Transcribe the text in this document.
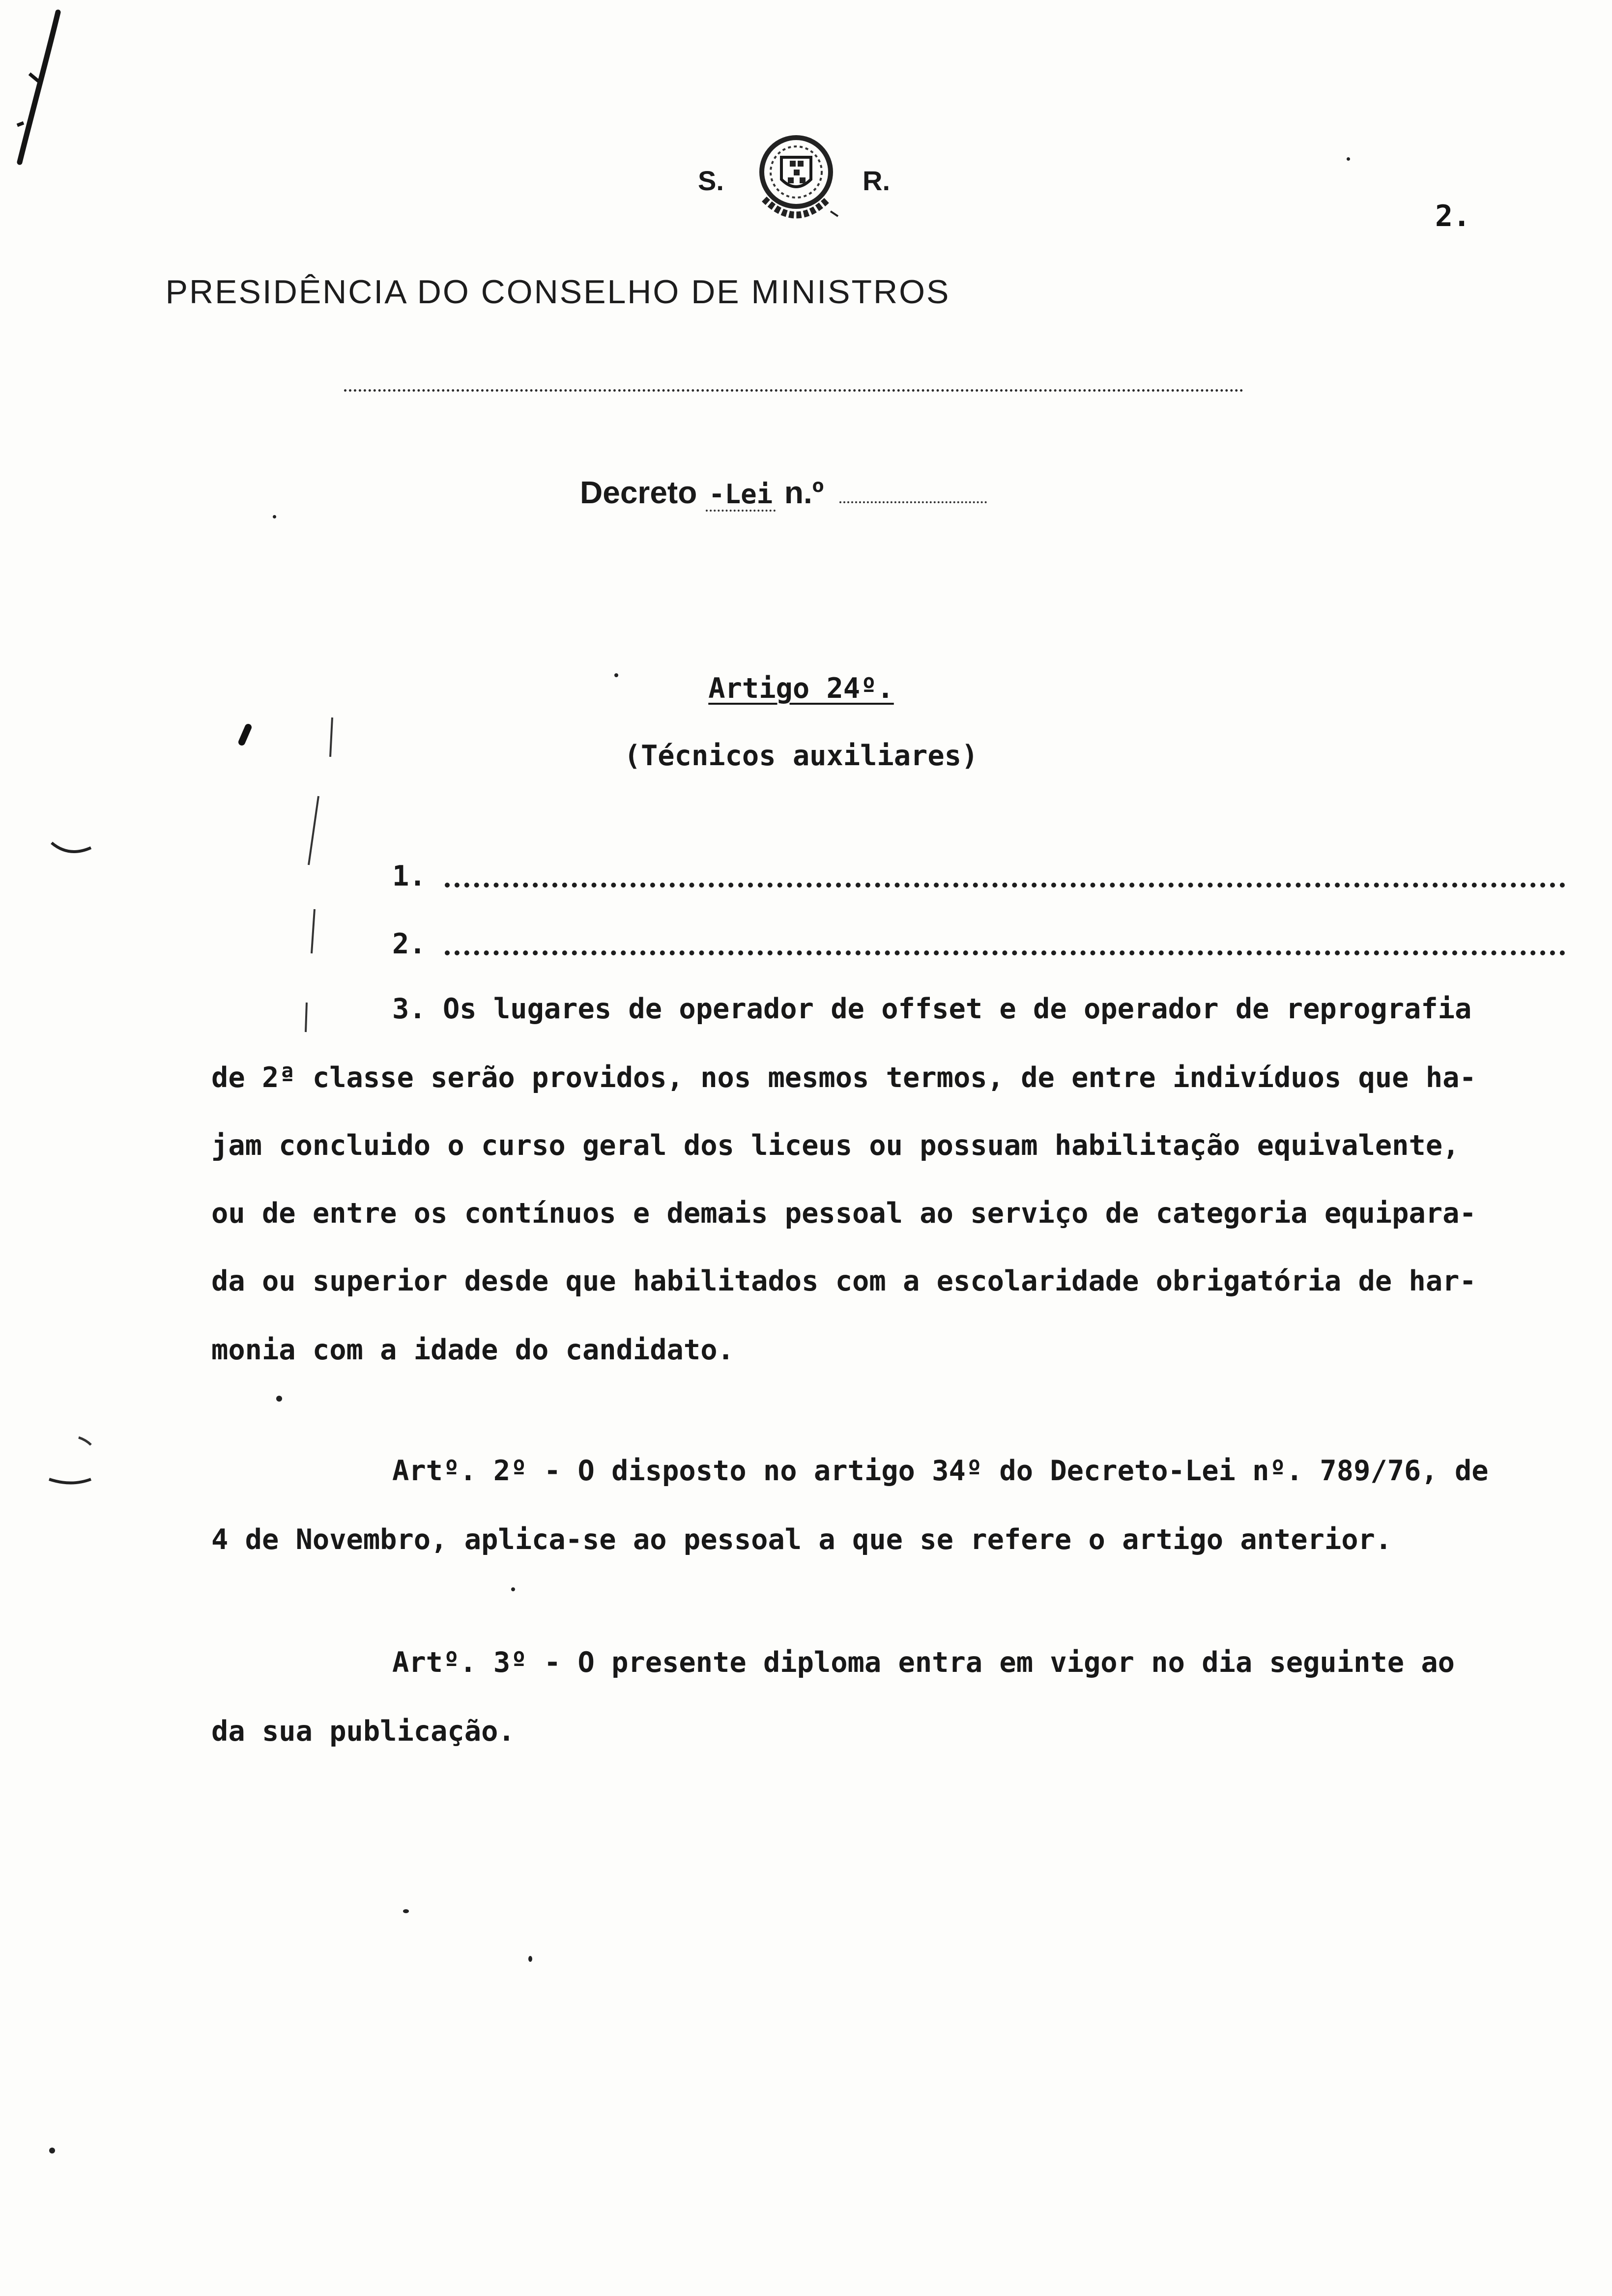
S.	R.
2.
PRESIDÊNCIA DO CONSELHO DE MINISTROS
Decreto -Lei n.º
Artigo 24º.
(Técnicos auxiliares)
1.
2.
3. Os lugares de operador de offset e de operador de reprografia
de 2ª classe serão providos, nos mesmos termos, de entre indivíduos que ha-
jam concluido o curso geral dos liceus ou possuam habilitação equivalente,
ou de entre os contínuos e demais pessoal ao serviço de categoria equipara-
da ou superior desde que habilitados com a escolaridade obrigatória de har-
monia com a idade do candidato.
Artº. 2º - O disposto no artigo 34º do Decreto-Lei nº. 789/76, de
4 de Novembro, aplica-se ao pessoal a que se refere o artigo anterior.
Artº. 3º - O presente diploma entra em vigor no dia seguinte ao
da sua publicação.
